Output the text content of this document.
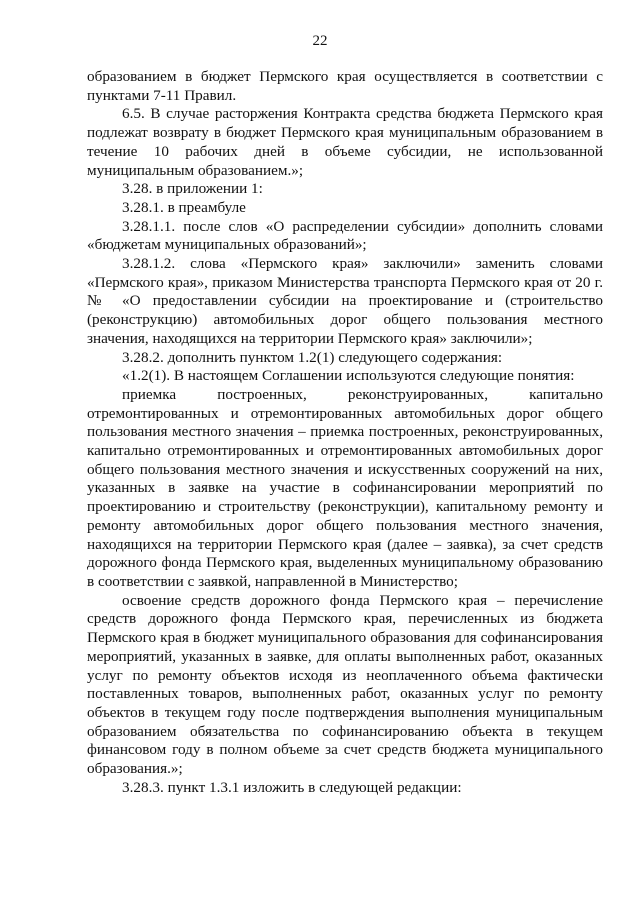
22

образованием в бюджет Пермского края осуществляется в соответствии с пунктами 7-11 Правил.

6.5. В случае расторжения Контракта средства бюджета Пермского края подлежат возврату в бюджет Пермского края муниципальным образованием в течение 10 рабочих дней в объеме субсидии, не использованной муниципальным образованием.»;

3.28. в приложении 1:

3.28.1. в преамбуле

3.28.1.1. после слов «О распределении субсидии» дополнить словами «бюджетам муниципальных образований»;

3.28.1.2. слова «Пермского края» заключили» заменить словами «Пермского края», приказом Министерства транспорта Пермского края от 20 г. № «О предоставлении субсидии на проектирование и (строительство (реконструкцию) автомобильных дорог общего пользования местного значения, находящихся на территории Пермского края» заключили»;

3.28.2. дополнить пунктом 1.2(1) следующего содержания:

«1.2(1). В настоящем Соглашении используются следующие понятия:

приемка построенных, реконструированных, капитально отремонтированных и отремонтированных автомобильных дорог общего пользования местного значения – приемка построенных, реконструированных, капитально отремонтированных и отремонтированных автомобильных дорог общего пользования местного значения и искусственных сооружений на них, указанных в заявке на участие в софинансировании мероприятий по проектированию и строительству (реконструкции), капитальному ремонту и ремонту автомобильных дорог общего пользования местного значения, находящихся на территории Пермского края (далее – заявка), за счет средств дорожного фонда Пермского края, выделенных муниципальному образованию в соответствии с заявкой, направленной в Министерство;

освоение средств дорожного фонда Пермского края – перечисление средств дорожного фонда Пермского края, перечисленных из бюджета Пермского края в бюджет муниципального образования для софинансирования мероприятий, указанных в заявке, для оплаты выполненных работ, оказанных услуг по ремонту объектов исходя из неоплаченного объема фактически поставленных товаров, выполненных работ, оказанных услуг по ремонту объектов в текущем году после подтверждения выполнения муниципальным образованием обязательства по софинансированию объекта в текущем финансовом году в полном объеме за счет средств бюджета муниципального образования.»;

3.28.3. пункт 1.3.1 изложить в следующей редакции:
